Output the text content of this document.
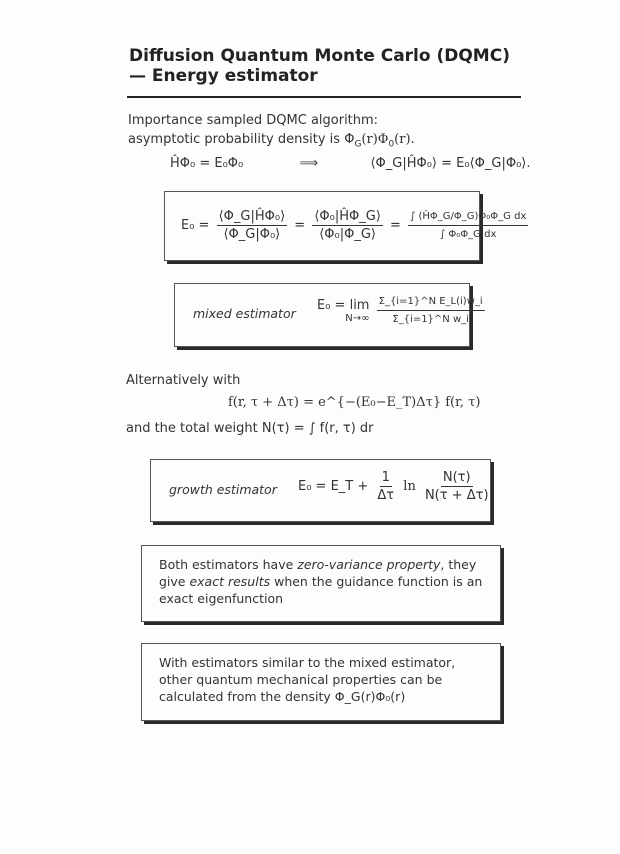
Diffusion Quantum Monte Carlo (DQMC)
— Energy estimator
Importance sampled DQMC algorithm:
asymptotic probability density is $\Phi_G(r)\Phi_0(r)$.
ĤΦ₀ = E₀Φ₀	⟹	⟨Φ_G|ĤΦ₀⟩ = E₀⟨Φ_G|Φ₀⟩.
$E_0 = \frac{\text{⟨Φ\_G|ĤΦ₀⟩}}{\text{⟨Φ\_G|Φ₀⟩}} = \frac{\text{⟨Φ₀|ĤΦ\_G⟩}}{\text{⟨Φ₀|Φ\_G⟩}} = \frac{\text{∫ (ĤΦ\_G/Φ\_G)Φ₀Φ\_G dx}}{\text{∫ Φ₀Φ\_G dx}}$
mixed estimator
E₀ = lim
N→∞
$\frac{\text{Σ\_\{i=1\}\textasciicircum{}N E\_L(i)w\_i}}{\text{Σ\_\{i=1\}\textasciicircum{}N w\_i}}$
Alternatively with
f(r, τ + Δτ) = e^{−(E₀−E_T)Δτ} f(r, τ)
and the total weight N(τ) = ∫ f(r, τ) dr
growth estimator E₀ = E_T + $\frac{1}{\Delta\tau}$ $\ln \frac{N(\tau)}{N(\tau + \Delta\tau)}$
Both estimators have zero-variance property, they give exact results when the guidance function is an exact eigenfunction
With estimators similar to the mixed estimator, other quantum mechanical properties can be calculated from the density Φ_G(r)Φ₀(r)
